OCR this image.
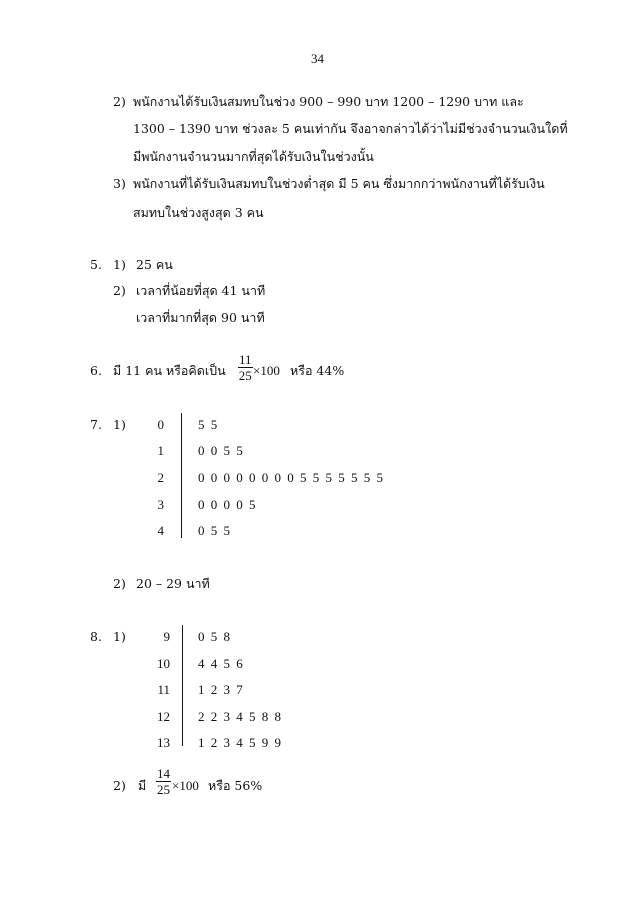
34
2) พนักงานได้รับเงินสมทบในช่วง 900 – 990 บาท 1200 – 1290 บาท และ
1300 – 1390 บาท ช่วงละ 5 คนเท่ากัน จึงอาจกล่าวได้ว่าไม่มีช่วงจำนวนเงินใดที่
มีพนักงานจำนวนมากที่สุดได้รับเงินในช่วงนั้น
3) พนักงานที่ได้รับเงินสมทบในช่วงต่ำสุด มี 5 คน ซึ่งมากกว่าพนักงานที่ได้รับเงิน
สมทบในช่วงสูงสุด 3 คน
5. 1) 25 คน
2) เวลาที่น้อยที่สุด 41 นาที
เวลาที่มากที่สุด 90 นาที
6. มี 11 คน หรือคิดเป็น $\frac{11}{25} \times 100$ หรือ 44%
7. 1)	0
1
2
3
4
5 5
0 0 5 5
0 0 0 0 0 0 0 0 5 5 5 5 5 5 5
0 0 0 0 5
0 5 5
2) 20 – 29 นาที
8. 1)	9
10
11
12
13
0 5 8
4 4 5 6
1 2 3 7
2 2 3 4 5 8 8
1 2 3 4 5 9 9
2) มี $\frac{14}{25} \times 100$ หรือ 56%
